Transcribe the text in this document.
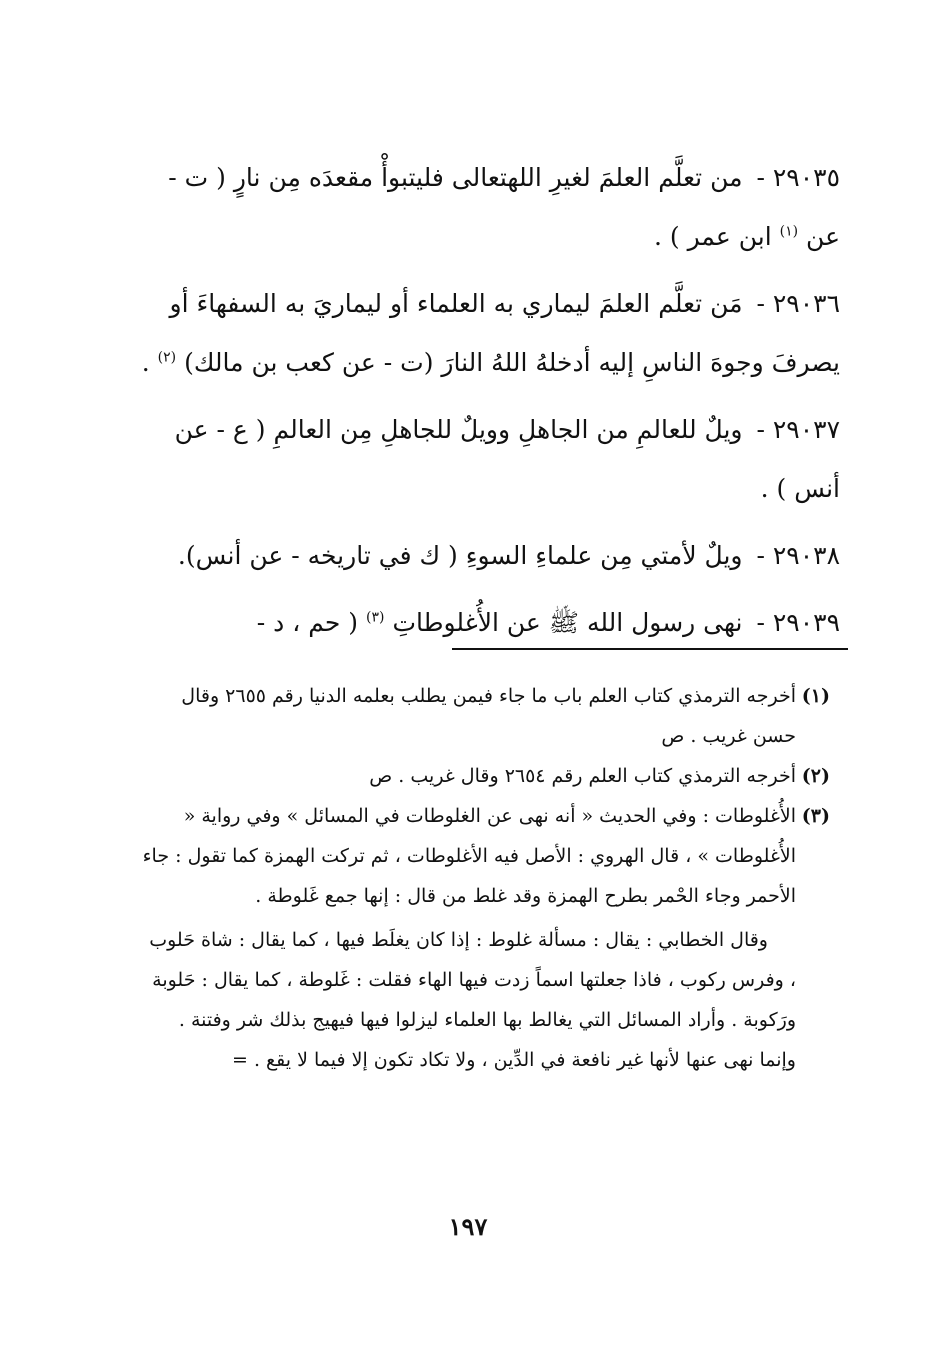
٢٩٠٣٥ - من تعلَّم العلمَ لغيرِ اللهتعالى فليتبوأْ مقعدَه مِن نارٍ ( ت - عن $^{(١)}$ ابن عمر ) .

٢٩٠٣٦ - مَن تعلَّم العلمَ ليماري به العلماء أو ليماريَ به السفهاءَ أو يصرفَ وجوهَ الناسِ إليه أدخلهُ اللهُ النارَ (ت - عن كعب بن مالك) $^{(٢)}$ .

٢٩٠٣٧ - ويلٌ للعالمِ من الجاهلِ وويلٌ للجاهلِ مِن العالمِ ( ع - عن أنس ) .

٢٩٠٣٨ - ويلٌ لأمتي مِن علماءِ السوءِ ( ك في تاريخه - عن أنس).

٢٩٠٣٩ - نهى رسول الله ﷺ عن الأُغلوطاتِ $^{(٣)}$ ( حم ، د -

(١)
أخرجه الترمذي كتاب العلم باب ما جاء فيمن يطلب بعلمه الدنيا رقم ٢٦٥٥ وقال حسن غريب . ص
(٢)
أخرجه الترمذي كتاب العلم رقم ٢٦٥٤ وقال غريب . ص
(٣)
الأُغلوطات : وفي الحديث « أنه نهى عن الغلوطات في المسائل » وفي رواية « الأُغلوطات » ، قال الهروي : الأصل فيه الأغلوطات ، ثم تركت الهمزة كما تقول : جاء الأحمر وجاء الحْمر بطرح الهمزة وقد غلط من قال : إنها جمع غَلوطة .
وقال الخطابي : يقال : مسألة غلوط : إذا كان يغلَط فيها ، كما يقال : شاة حَلوب ، وفرس ركوب ، فاذا جعلتها اسماً زدت فيها الهاء فقلت : غَلوطة ، كما يقال : حَلوبة ورَكوبة . وأراد المسائل التي يغالط بها العلماء ليزلوا فيها فيهيج بذلك شر وفتنة . وإنما نهى عنها لأنها غير نافعة في الدِّين ، ولا تكاد تكون إلا فيما لا يقع . =
١٩٧
